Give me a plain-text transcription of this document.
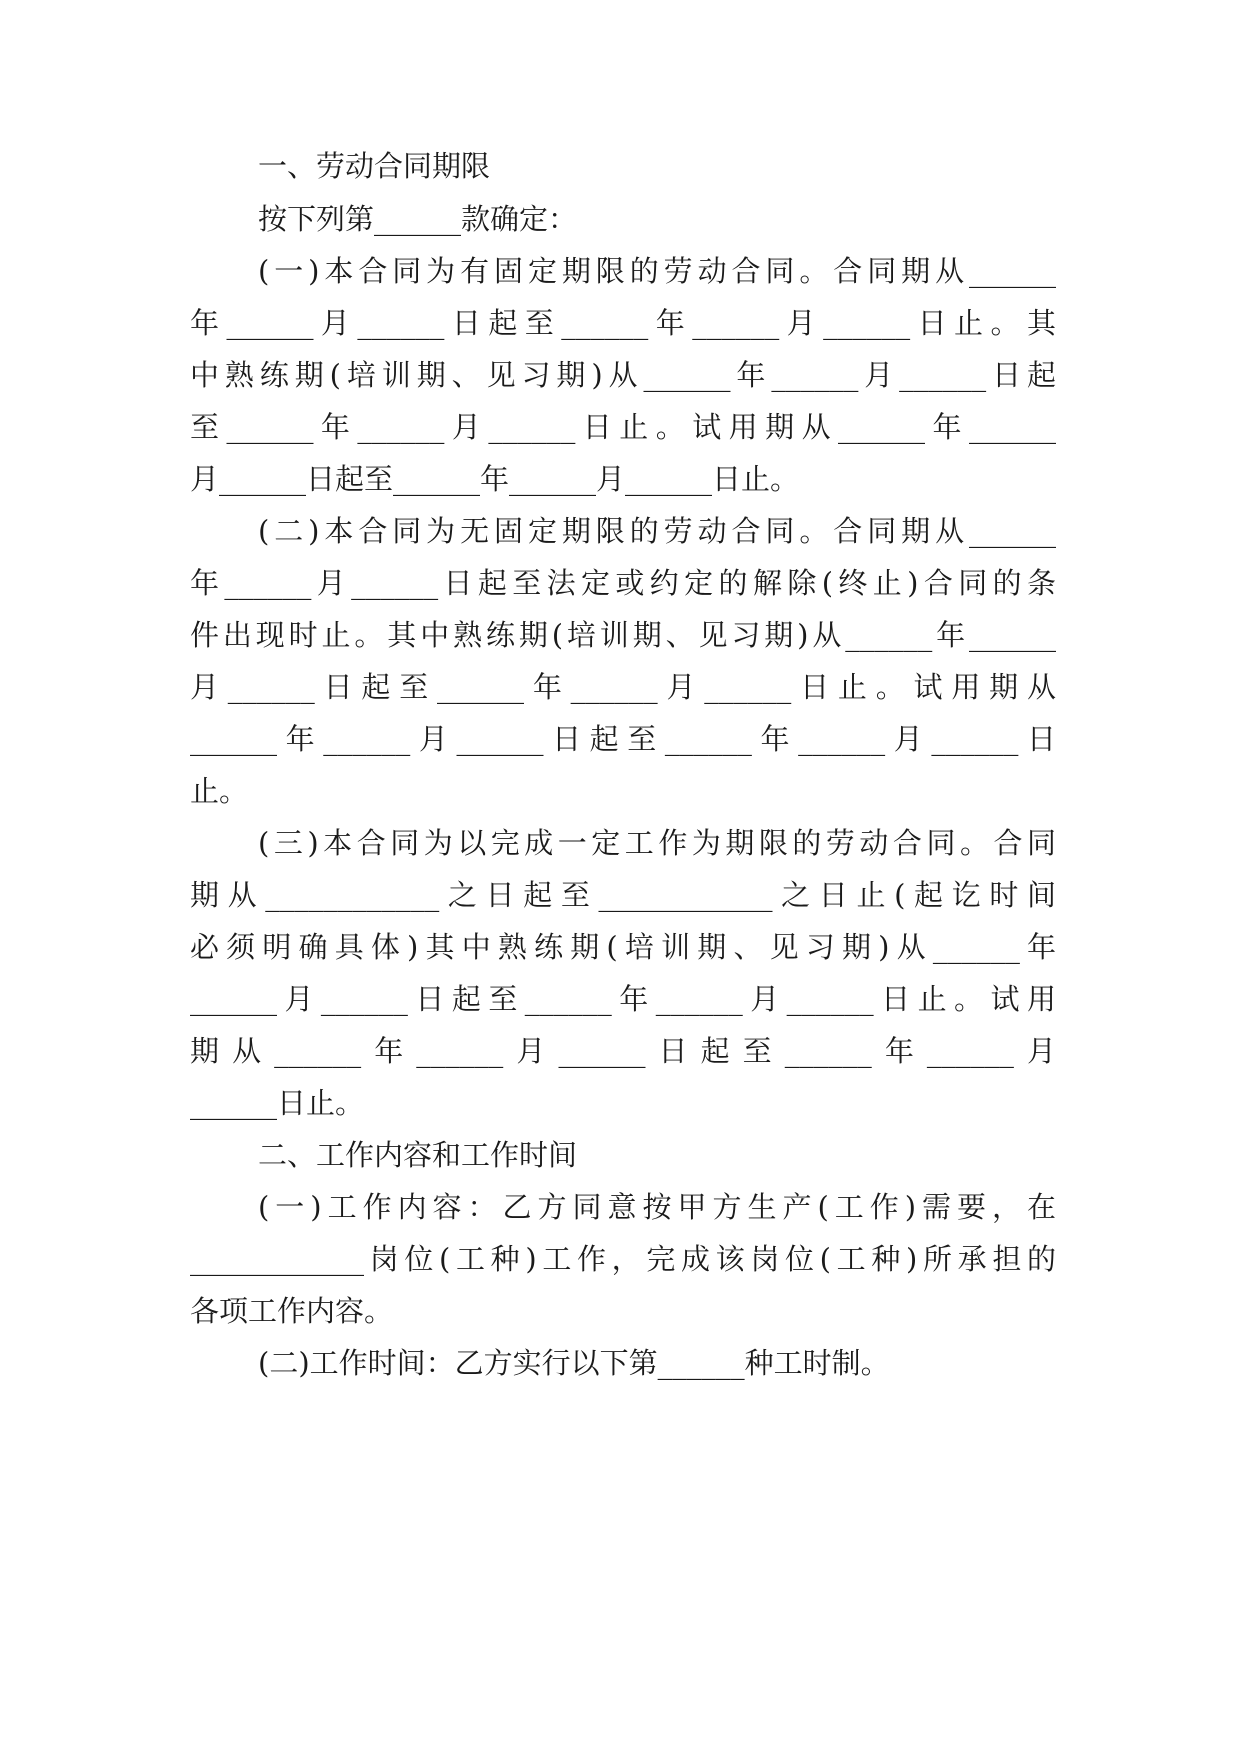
一、劳动合同期限
按下列第______款确定：
(一)本合同为有固定期限的劳动合同。合同期从______
年______月______日起至______年______月______日止。其
中熟练期(培训期、见习期)从______年______月______日起
至______年______月______日止。试用期从______年______
月______日起至______年______月______日止。
(二)本合同为无固定期限的劳动合同。合同期从______
年______月______日起至法定或约定的解除(终止)合同的条
件出现时止。其中熟练期(培训期、见习期)从______年______
月______日起至______年______月______日止。试用期从
______年______月______日起至______年______月______日
止。
(三)本合同为以完成一定工作为期限的劳动合同。合同
期从____________之日起至____________之日止(起讫时间
必须明确具体)其中熟练期(培训期、见习期)从______年
______月______日起至______年______月______日止。试用
期从______年______月______日起至______年______月
______日止。
二、工作内容和工作时间
(一)工作内容：乙方同意按甲方生产(工作)需要，在
____________岗位(工种)工作，完成该岗位(工种)所承担的
各项工作内容。
(二)工作时间：乙方实行以下第______种工时制。
